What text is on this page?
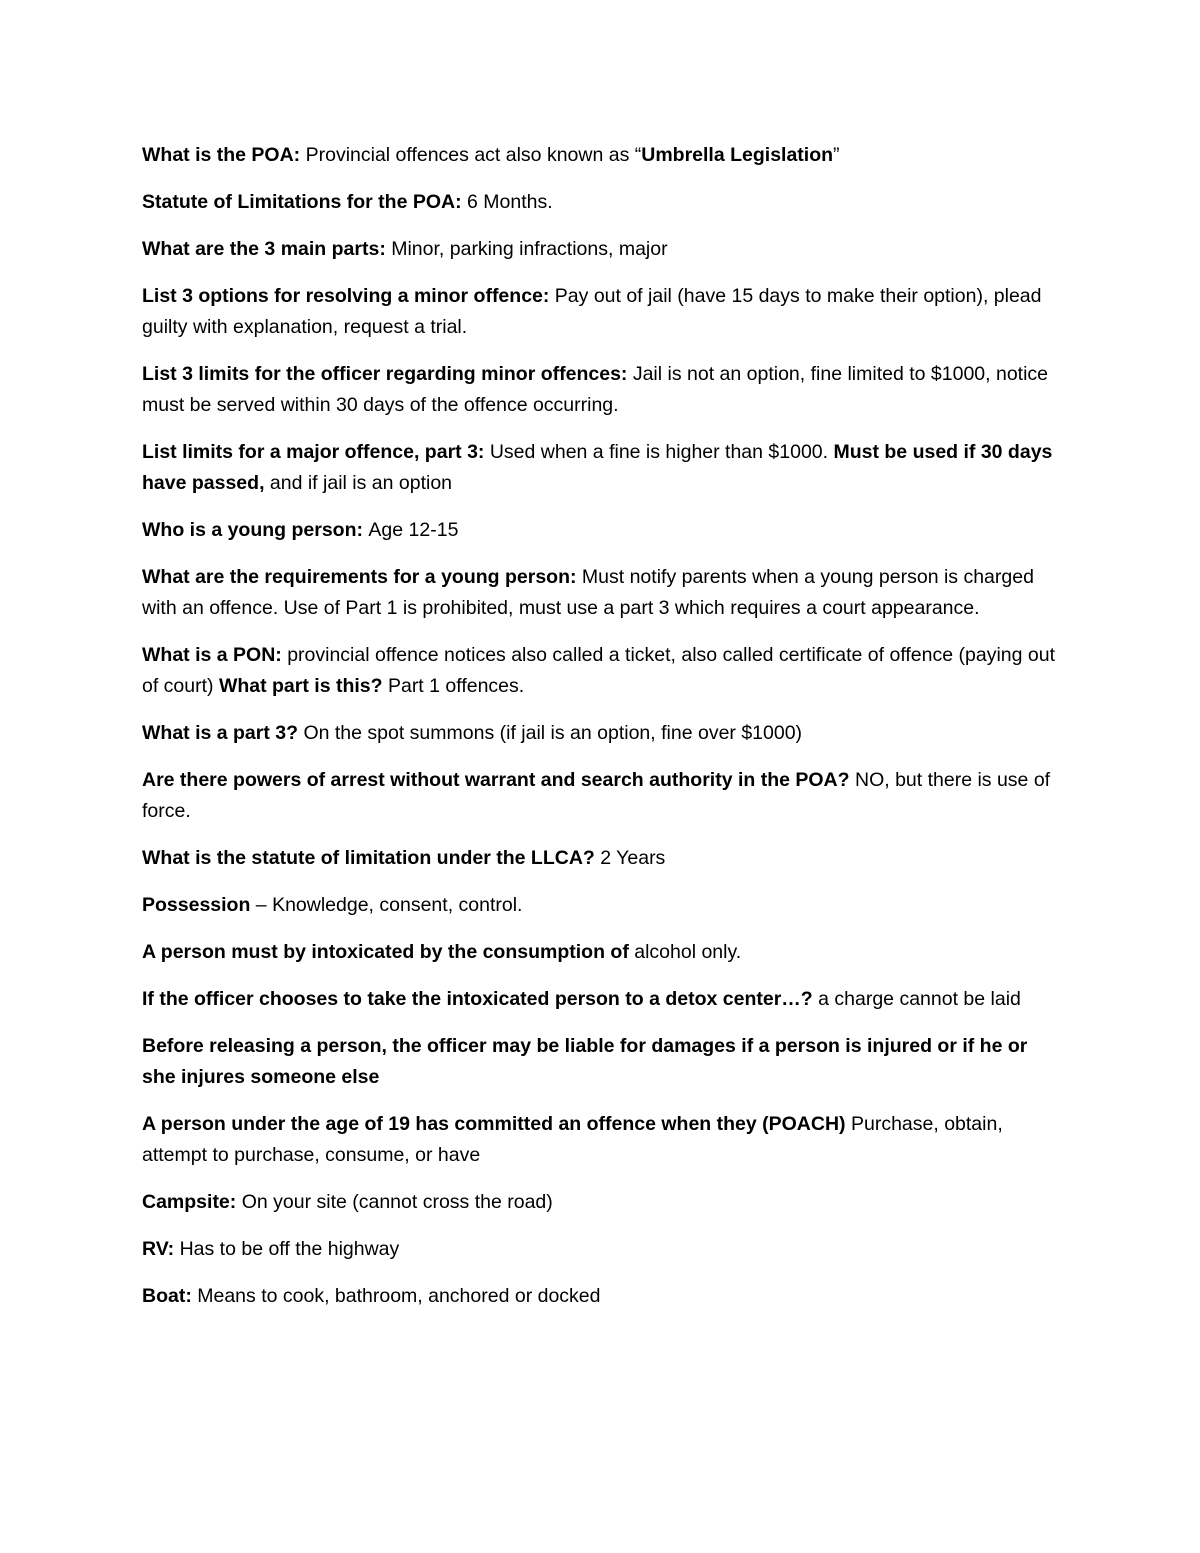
What is the POA: Provincial offences act also known as “Umbrella Legislation”

Statute of Limitations for the POA: 6 Months.

What are the 3 main parts: Minor, parking infractions, major

List 3 options for resolving a minor offence: Pay out of jail (have 15 days to make their option), plead guilty with explanation, request a trial.

List 3 limits for the officer regarding minor offences: Jail is not an option, fine limited to $1000, notice must be served within 30 days of the offence occurring.

List limits for a major offence, part 3: Used when a fine is higher than $1000. Must be used if 30 days have passed, and if jail is an option

Who is a young person: Age 12-15

What are the requirements for a young person: Must notify parents when a young person is charged with an offence. Use of Part 1 is prohibited, must use a part 3 which requires a court appearance.

What is a PON: provincial offence notices also called a ticket, also called certificate of offence (paying out of court) What part is this? Part 1 offences.

What is a part 3? On the spot summons (if jail is an option, fine over $1000)

Are there powers of arrest without warrant and search authority in the POA? NO, but there is use of force.

What is the statute of limitation under the LLCA? 2 Years

Possession – Knowledge, consent, control.

A person must by intoxicated by the consumption of alcohol only.

If the officer chooses to take the intoxicated person to a detox center…? a charge cannot be laid

Before releasing a person, the officer may be liable for damages if a person is injured or if he or she injures someone else

A person under the age of 19 has committed an offence when they (POACH) Purchase, obtain, attempt to purchase, consume, or have

Campsite: On your site (cannot cross the road)

RV: Has to be off the highway

Boat: Means to cook, bathroom, anchored or docked
